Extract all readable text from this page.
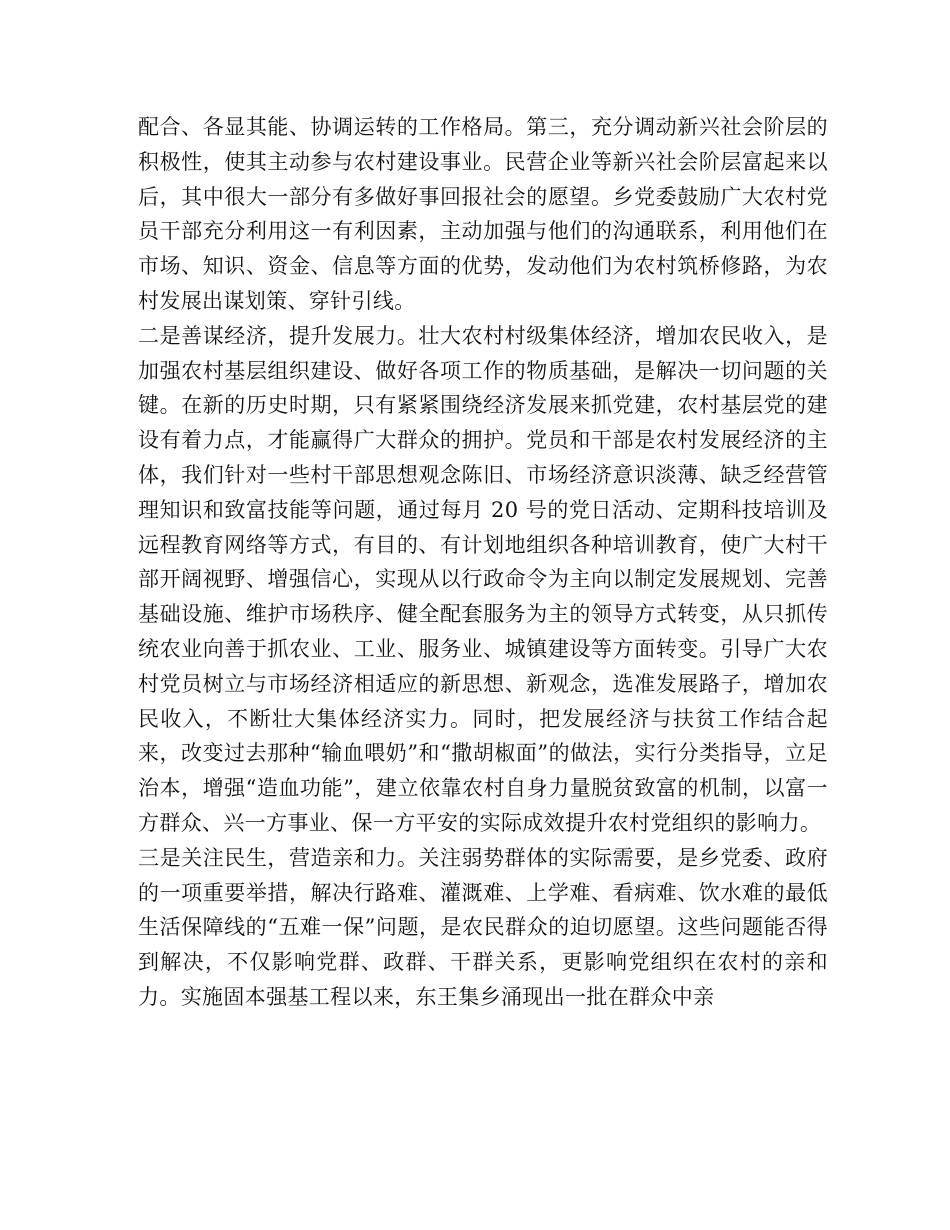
配合、各显其能、协调运转的工作格局。第三，充分调动新兴社会阶层的积极性，使其主动参与农村建设事业。民营企业等新兴社会阶层富起来以后，其中很大一部分有多做好事回报社会的愿望。乡党委鼓励广大农村党员干部充分利用这一有利因素，主动加强与他们的沟通联系，利用他们在市场、知识、资金、信息等方面的优势，发动他们为农村筑桥修路，为农村发展出谋划策、穿针引线。

二是善谋经济，提升发展力。壮大农村村级集体经济，增加农民收入，是加强农村基层组织建设、做好各项工作的物质基础，是解决一切问题的关键。在新的历史时期，只有紧紧围绕经济发展来抓党建，农村基层党的建设有着力点，才能赢得广大群众的拥护。党员和干部是农村发展经济的主体，我们针对一些村干部思想观念陈旧、市场经济意识淡薄、缺乏经营管理知识和致富技能等问题，通过每月 20 号的党日活动、定期科技培训及远程教育网络等方式，有目的、有计划地组织各种培训教育，使广大村干部开阔视野、增强信心，实现从以行政命令为主向以制定发展规划、完善基础设施、维护市场秩序、健全配套服务为主的领导方式转变，从只抓传统农业向善于抓农业、工业、服务业、城镇建设等方面转变。引导广大农村党员树立与市场经济相适应的新思想、新观念，选准发展路子，增加农民收入，不断壮大集体经济实力。同时，把发展经济与扶贫工作结合起来，改变过去那种“输血喂奶”和“撒胡椒面”的做法，实行分类指导，立足治本，增强“造血功能”，建立依靠农村自身力量脱贫致富的机制，以富一方群众、兴一方事业、保一方平安的实际成效提升农村党组织的影响力。

三是关注民生，营造亲和力。关注弱势群体的实际需要，是乡党委、政府的一项重要举措，解决行路难、灌溉难、上学难、看病难、饮水难的最低生活保障线的“五难一保”问题，是农民群众的迫切愿望。这些问题能否得到解决，不仅影响党群、政群、干群关系，更影响党组织在农村的亲和力。实施固本强基工程以来，东王集乡涌现出一批在群众中亲
